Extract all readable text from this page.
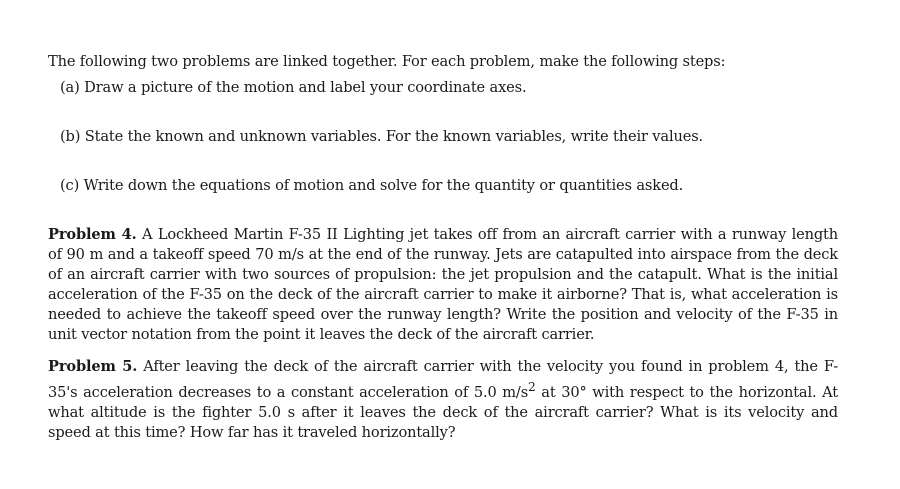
The following two problems are linked together. For each problem, make the following steps:

(a) Draw a picture of the motion and label your coordinate axes.

(b) State the known and unknown variables. For the known variables, write their values.

(c) Write down the equations of motion and solve for the quantity or quantities asked.

Problem 4. A Lockheed Martin F-35 II Lighting jet takes off from an aircraft carrier with a runway length of 90 m and a takeoff speed 70 m/s at the end of the runway. Jets are catapulted into airspace from the deck of an aircraft carrier with two sources of propulsion: the jet propulsion and the catapult. What is the initial acceleration of the F-35 on the deck of the aircraft carrier to make it airborne? That is, what acceleration is needed to achieve the takeoff speed over the runway length? Write the position and velocity of the F-35 in unit vector notation from the point it leaves the deck of the aircraft carrier.

Problem 5. After leaving the deck of the aircraft carrier with the velocity you found in problem 4, the F-35's acceleration decreases to a constant acceleration of 5.0 $m/s^2$ at 30° with respect to the horizontal. At what altitude is the fighter 5.0 s after it leaves the deck of the aircraft carrier? What is its velocity and speed at this time? How far has it traveled horizontally?
